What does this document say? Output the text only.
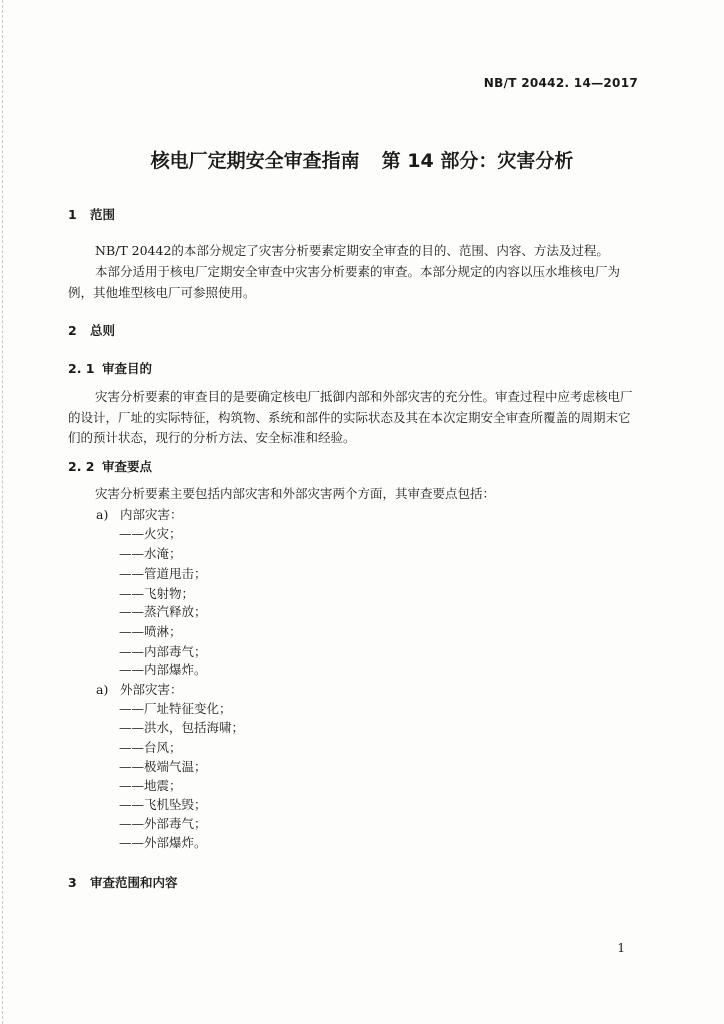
NB/T 20442. 14—2017
核电厂定期安全审查指南 第 14 部分：灾害分析
1 范围
NB/T 20442的本部分规定了灾害分析要素定期安全审查的目的、范围、内容、方法及过程。
本部分适用于核电厂定期安全审查中灾害分析要素的审查。本部分规定的内容以压水堆核电厂为例，其他堆型核电厂可参照使用。
2 总则
2. 1 审查目的
灾害分析要素的审查目的是要确定核电厂抵御内部和外部灾害的充分性。审查过程中应考虑核电厂的设计，厂址的实际特征，构筑物、系统和部件的实际状态及其在本次定期安全审查所覆盖的周期末它们的预计状态，现行的分析方法、安全标准和经验。
2. 2 审查要点
灾害分析要素主要包括内部灾害和外部灾害两个方面，其审查要点包括：
a) 内部灾害：
——火灾；
——水淹；
——管道甩击；
——飞射物；
——蒸汽释放；
——喷淋；
——内部毒气；
——内部爆炸。
a) 外部灾害：
——厂址特征变化；
——洪水，包括海啸；
——台风；
——极端气温；
——地震；
——飞机坠毁；
——外部毒气；
——外部爆炸。
3 审查范围和内容
1
